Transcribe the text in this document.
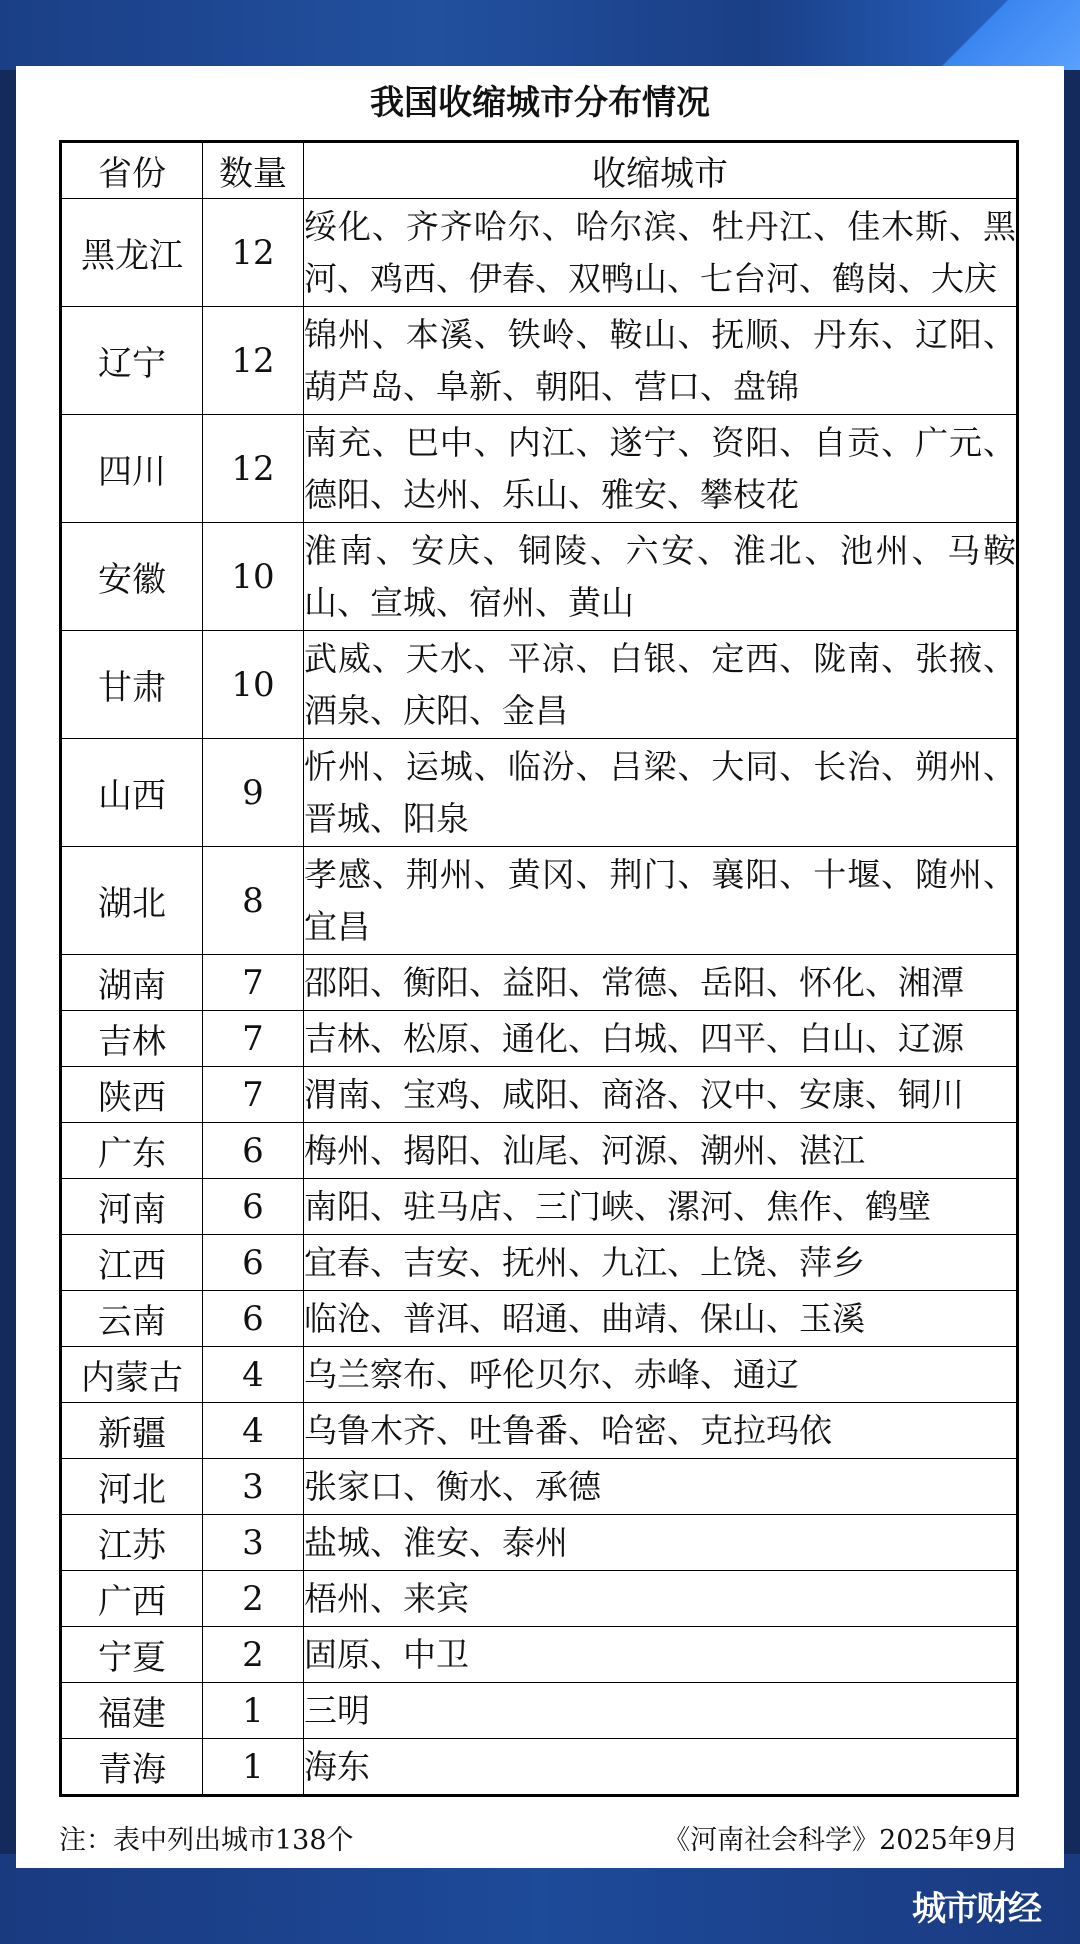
我国收缩城市分布情况
省份	数量	收缩城市
黑龙江	12	绥化、齐齐哈尔、哈尔滨、牡丹江、佳木斯、黑河、鸡西、伊春、双鸭山、七台河、鹤岗、大庆
辽宁	12	锦州、本溪、铁岭、鞍山、抚顺、丹东、辽阳、葫芦岛、阜新、朝阳、营口、盘锦
四川	12	南充、巴中、内江、遂宁、资阳、自贡、广元、德阳、达州、乐山、雅安、攀枝花
安徽	10	淮南、安庆、铜陵、六安、淮北、池州、马鞍山、宣城、宿州、黄山
甘肃	10	武威、天水、平凉、白银、定西、陇南、张掖、酒泉、庆阳、金昌
山西	9	忻州、运城、临汾、吕梁、大同、长治、朔州、晋城、阳泉
湖北	8	孝感、荆州、黄冈、荆门、襄阳、十堰、随州、宜昌
湖南	7	邵阳、衡阳、益阳、常德、岳阳、怀化、湘潭
吉林	7	吉林、松原、通化、白城、四平、白山、辽源
陕西	7	渭南、宝鸡、咸阳、商洛、汉中、安康、铜川
广东	6	梅州、揭阳、汕尾、河源、潮州、湛江
河南	6	南阳、驻马店、三门峡、漯河、焦作、鹤壁
江西	6	宜春、吉安、抚州、九江、上饶、萍乡
云南	6	临沧、普洱、昭通、曲靖、保山、玉溪
内蒙古	4	乌兰察布、呼伦贝尔、赤峰、通辽
新疆	4	乌鲁木齐、吐鲁番、哈密、克拉玛依
河北	3	张家口、衡水、承德
江苏	3	盐城、淮安、泰州
广西	2	梧州、来宾
宁夏	2	固原、中卫
福建	1	三明
青海	1	海东
注：表中列出城市138个	《河南社会科学》2025年9月
城市财经
